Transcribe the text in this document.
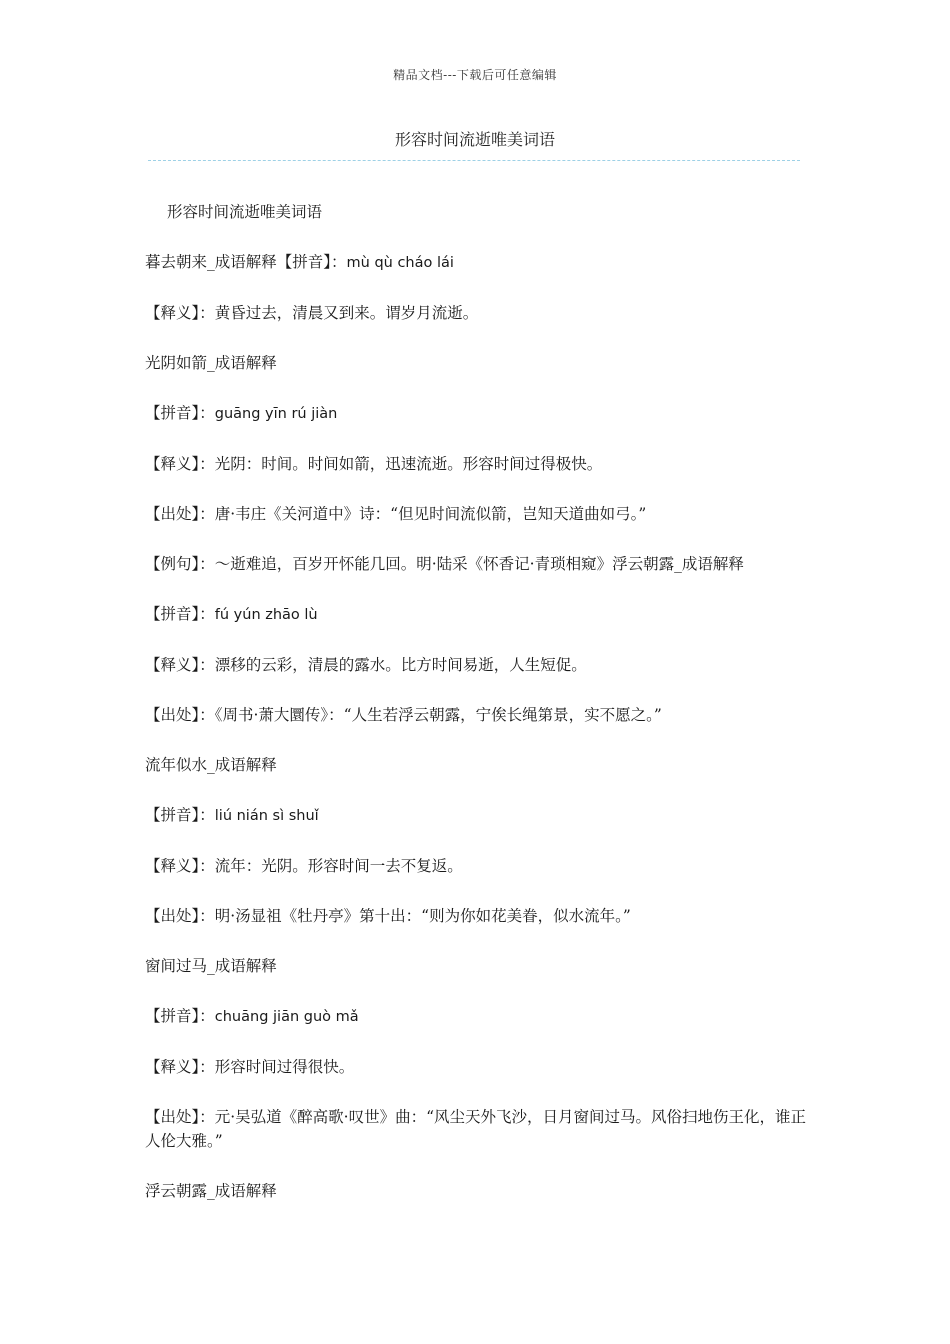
精品文档---下载后可任意编辑
形容时间流逝唯美词语

形容时间流逝唯美词语

暮去朝来_成语解释【拼音】：mù qù cháo lái

【释义】：黄昏过去，清晨又到来。谓岁月流逝。

光阴如箭_成语解释

【拼音】：guāng yīn rú jiàn

【释义】：光阴：时间。时间如箭，迅速流逝。形容时间过得极快。

【出处】：唐·韦庄《关河道中》诗：“但见时间流似箭，岂知天道曲如弓。”

【例句】：～逝难追，百岁开怀能几回。明·陆采《怀香记·青琐相窥》浮云朝露_成语解释

【拼音】：fú yún zhāo lù

【释义】：漂移的云彩，清晨的露水。比方时间易逝，人生短促。

【出处】：《周书·萧大圜传》：“人生若浮云朝露，宁俟长绳第景，实不愿之。”

流年似水_成语解释

【拼音】：liú nián sì shuǐ

【释义】：流年：光阴。形容时间一去不复返。

【出处】：明·汤显祖《牡丹亭》第十出：“则为你如花美眷，似水流年。”

窗间过马_成语解释

【拼音】：chuāng jiān guò mǎ

【释义】：形容时间过得很快。

【出处】：元·吴弘道《醉高歌·叹世》曲：“风尘天外飞沙，日月窗间过马。风俗扫地伤王化，谁正人伦大雅。”

浮云朝露_成语解释
